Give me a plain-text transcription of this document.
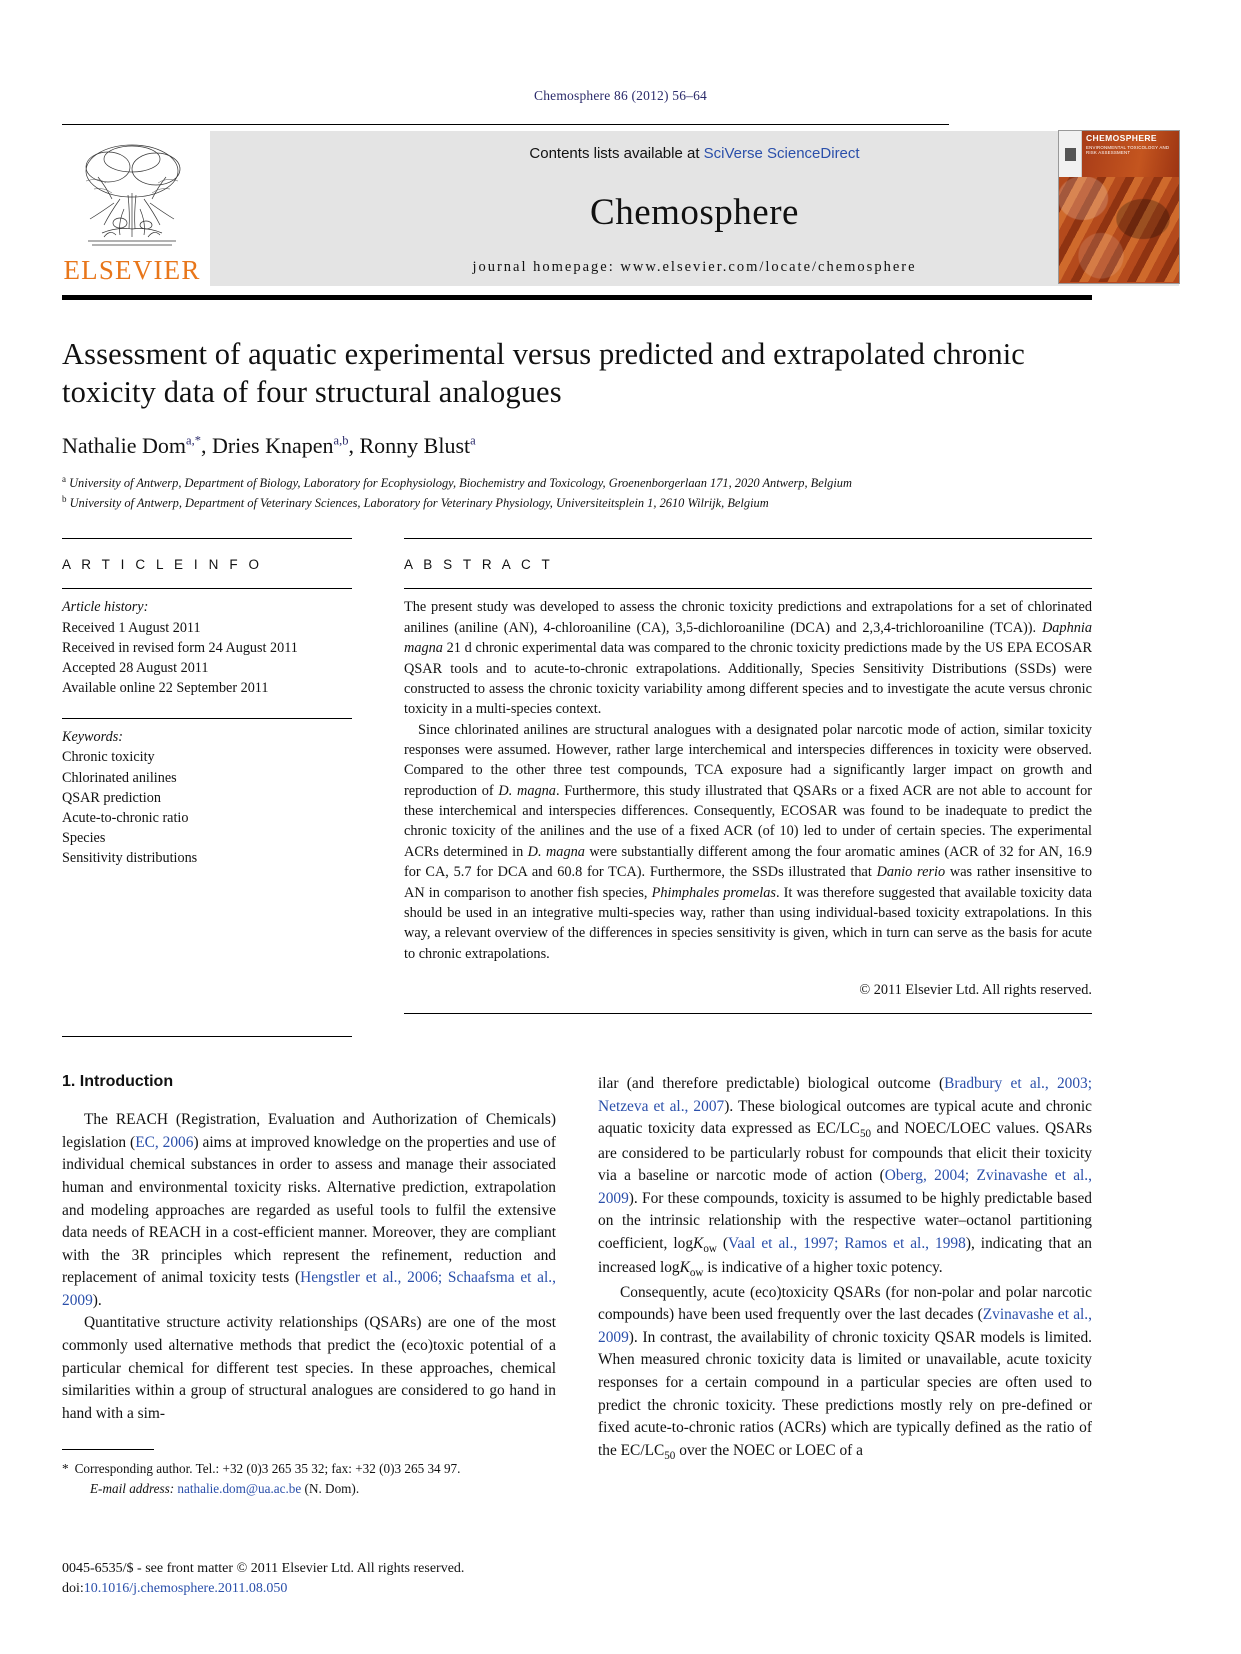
Chemosphere 86 (2012) 56–64
ELSEVIER
Contents lists available at SciVerse ScienceDirect
Chemosphere
journal homepage: www.elsevier.com/locate/chemosphere
CHEMOSPHERE
ENVIRONMENTAL TOXICOLOGY AND RISK ASSESSMENT
Assessment of aquatic experimental versus predicted and extrapolated chronic toxicity data of four structural analogues
Nathalie Dom$^{a,*}$, Dries Knapen$^{a,b}$, Ronny Blust$^a$
$^a$ University of Antwerp, Department of Biology, Laboratory for Ecophysiology, Biochemistry and Toxicology, Groenenborgerlaan 171, 2020 Antwerp, Belgium
$^b$ University of Antwerp, Department of Veterinary Sciences, Laboratory for Veterinary Physiology, Universiteitsplein 1, 2610 Wilrijk, Belgium
A R T I C L E I N F O
Article history:
Received 1 August 2011
Received in revised form 24 August 2011
Accepted 28 August 2011
Available online 22 September 2011
Keywords:
Chronic toxicity
Chlorinated anilines
QSAR prediction
Acute-to-chronic ratio
Species
Sensitivity distributions
A B S T R A C T

The present study was developed to assess the chronic toxicity predictions and extrapolations for a set of chlorinated anilines (aniline (AN), 4-chloroaniline (CA), 3,5-dichloroaniline (DCA) and 2,3,4-trichloroaniline (TCA)). Daphnia magna 21 d chronic experimental data was compared to the chronic toxicity predictions made by the US EPA ECOSAR QSAR tools and to acute-to-chronic extrapolations. Additionally, Species Sensitivity Distributions (SSDs) were constructed to assess the chronic toxicity variability among different species and to investigate the acute versus chronic toxicity in a multi-species context.

Since chlorinated anilines are structural analogues with a designated polar narcotic mode of action, similar toxicity responses were assumed. However, rather large interchemical and interspecies differences in toxicity were observed. Compared to the other three test compounds, TCA exposure had a significantly larger impact on growth and reproduction of D. magna. Furthermore, this study illustrated that QSARs or a fixed ACR are not able to account for these interchemical and interspecies differences. Consequently, ECOSAR was found to be inadequate to predict the chronic toxicity of the anilines and the use of a fixed ACR (of 10) led to under of certain species. The experimental ACRs determined in D. magna were substantially different among the four aromatic amines (ACR of 32 for AN, 16.9 for CA, 5.7 for DCA and 60.8 for TCA). Furthermore, the SSDs illustrated that Danio rerio was rather insensitive to AN in comparison to another fish species, Phimphales promelas. It was therefore suggested that available toxicity data should be used in an integrative multi-species way, rather than using individual-based toxicity extrapolations. In this way, a relevant overview of the differences in species sensitivity is given, which in turn can serve as the basis for acute to chronic extrapolations.

© 2011 Elsevier Ltd. All rights reserved.
1. Introduction

The REACH (Registration, Evaluation and Authorization of Chemicals) legislation (EC, 2006) aims at improved knowledge on the properties and use of individual chemical substances in order to assess and manage their associated human and environmental toxicity risks. Alternative prediction, extrapolation and modeling approaches are regarded as useful tools to fulfil the extensive data needs of REACH in a cost-efficient manner. Moreover, they are compliant with the 3R principles which represent the refinement, reduction and replacement of animal toxicity tests (Hengstler et al., 2006; Schaafsma et al., 2009).

Quantitative structure activity relationships (QSARs) are one of the most commonly used alternative methods that predict the (eco)toxic potential of a particular chemical for different test species. In these approaches, chemical similarities within a group of structural analogues are considered to go hand in hand with a sim-

* Corresponding author. Tel.: +32 (0)3 265 35 32; fax: +32 (0)3 265 34 97.
E-mail address: nathalie.dom@ua.ac.be (N. Dom).

ilar (and therefore predictable) biological outcome (Bradbury et al., 2003; Netzeva et al., 2007). These biological outcomes are typical acute and chronic aquatic toxicity data expressed as $EC/LC_{50}$ and NOEC/LOEC values. QSARs are considered to be particularly robust for compounds that elicit their toxicity via a baseline or narcotic mode of action (Oberg, 2004; Zvinavashe et al., 2009). For these compounds, toxicity is assumed to be highly predictable based on the intrinsic relationship with the respective water–octanol partitioning coefficient, logK$_{ow}$ (Vaal et al., 1997; Ramos et al., 1998), indicating that an increased logK$_{ow}$ is indicative of a higher toxic potency.

Consequently, acute (eco)toxicity QSARs (for non-polar and polar narcotic compounds) have been used frequently over the last decades (Zvinavashe et al., 2009). In contrast, the availability of chronic toxicity QSAR models is limited. When measured chronic toxicity data is limited or unavailable, acute toxicity responses for a certain compound in a particular species are often used to predict the chronic toxicity. These predictions mostly rely on pre-defined or fixed acute-to-chronic ratios (ACRs) which are typically defined as the ratio of the $EC/LC_{50}$ over the NOEC or LOEC of a

0045-6535/$ - see front matter © 2011 Elsevier Ltd. All rights reserved.
doi:10.1016/j.chemosphere.2011.08.050
